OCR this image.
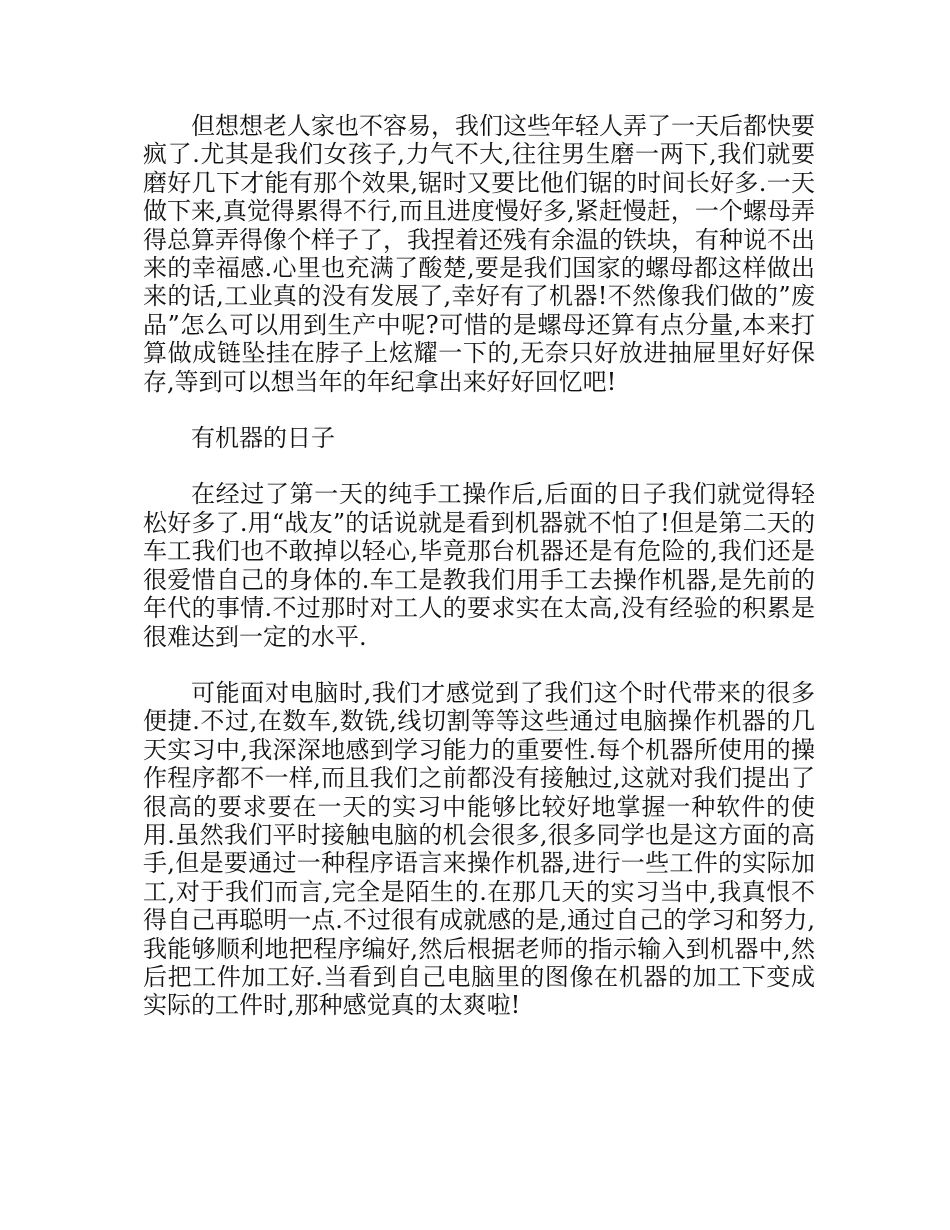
但想想老人家也不容易，我们这些年轻人弄了一天后都快要疯了.尤其是我们女孩子,力气不大,往往男生磨一两下,我们就要磨好几下才能有那个效果,锯时又要比他们锯的时间长好多.一天做下来,真觉得累得不行,而且进度慢好多,紧赶慢赶，一个螺母弄得总算弄得像个样子了，我捏着还残有余温的铁块，有种说不出来的幸福感.心里也充满了酸楚,要是我们国家的螺母都这样做出来的话,工业真的没有发展了,幸好有了机器!不然像我们做的”废品”怎么可以用到生产中呢?可惜的是螺母还算有点分量,本来打算做成链坠挂在脖子上炫耀一下的,无奈只好放进抽屉里好好保存,等到可以想当年的年纪拿出来好好回忆吧!

有机器的日子

在经过了第一天的纯手工操作后,后面的日子我们就觉得轻松好多了.用“战友”的话说就是看到机器就不怕了!但是第二天的车工我们也不敢掉以轻心,毕竟那台机器还是有危险的,我们还是很爱惜自己的身体的.车工是教我们用手工去操作机器,是先前的年代的事情.不过那时对工人的要求实在太高,没有经验的积累是很难达到一定的水平.

可能面对电脑时,我们才感觉到了我们这个时代带来的很多便捷.不过,在数车,数铣,线切割等等这些通过电脑操作机器的几天实习中,我深深地感到学习能力的重要性.每个机器所使用的操作程序都不一样,而且我们之前都没有接触过,这就对我们提出了很高的要求要在一天的实习中能够比较好地掌握一种软件的使用.虽然我们平时接触电脑的机会很多,很多同学也是这方面的高手,但是要通过一种程序语言来操作机器,进行一些工件的实际加工,对于我们而言,完全是陌生的.在那几天的实习当中,我真恨不得自己再聪明一点.不过很有成就感的是,通过自己的学习和努力,我能够顺利地把程序编好,然后根据老师的指示输入到机器中,然后把工件加工好.当看到自己电脑里的图像在机器的加工下变成实际的工件时,那种感觉真的太爽啦!
